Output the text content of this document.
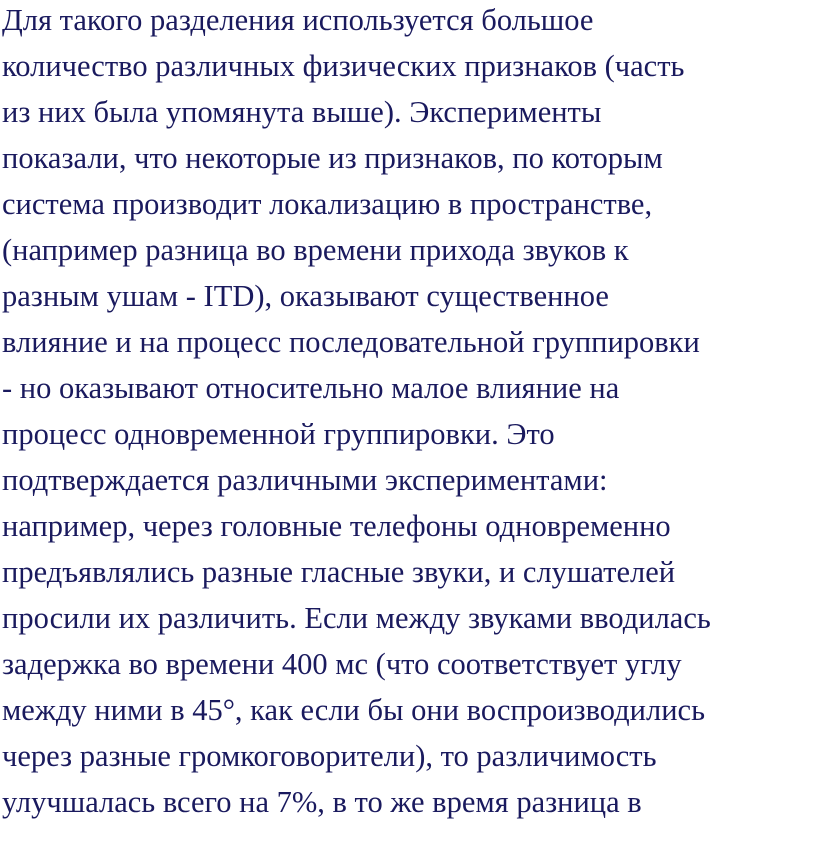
Для такого разделения используется большое
количество различных физических признаков (часть
из них была упомянута выше). Эксперименты
показали, что некоторые из признаков, по которым
система производит локализацию в пространстве,
(например разница во времени прихода звуков к
разным ушам - ITD), оказывают существенное
влияние и на процесс последовательной группировки
- но оказывают относительно малое влияние на
процесс одновременной группировки. Это
подтверждается различными экспериментами:
например, через головные телефоны одновременно
предъявлялись разные гласные звуки, и слушателей
просили их различить. Если между звуками вводилась
задержка во времени 400 мс (что соответствует углу
между ними в 45°, как если бы они воспроизводились
через разные громкоговорители), то различимость
улучшалась всего на 7%, в то же время разница в
